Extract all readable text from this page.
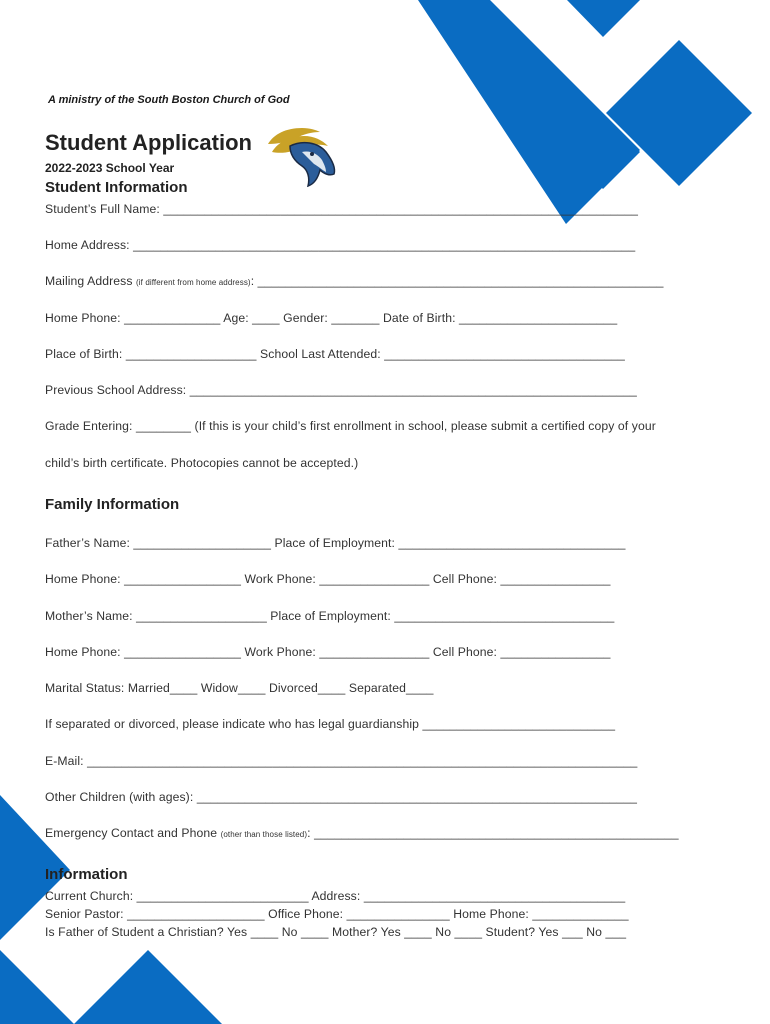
A ministry of the South Boston Church of God
Student Application
2022-2023 School Year
Student Information
Student’s Full Name: _____________________________________________________________________
Home Address: _________________________________________________________________________
Mailing Address (if different from home address): ___________________________________________________________
Home Phone: ______________ Age: ____ Gender: _______ Date of Birth: _______________________
Place of Birth: ___________________ School Last Attended: ___________________________________
Previous School Address: _________________________________________________________________
Grade Entering: ________ (If this is your child’s first enrollment in school, please submit a certified copy of your
child’s birth certificate. Photocopies cannot be accepted.)
Family Information
Father’s Name: ____________________ Place of Employment: _________________________________
Home Phone: _________________ Work Phone: ________________ Cell Phone: ________________
Mother’s Name: ___________________ Place of Employment: ________________________________
Home Phone: _________________ Work Phone: ________________ Cell Phone: ________________
Marital Status: Married____ Widow____ Divorced____ Separated____
If separated or divorced, please indicate who has legal guardianship ____________________________
E-Mail: ________________________________________________________________________________
Other Children (with ages): ________________________________________________________________
Emergency Contact and Phone (other than those listed): _____________________________________________________
Information
Current Church: _________________________ Address: ______________________________________
Senior Pastor: ____________________ Office Phone: _______________ Home Phone: ______________
Is Father of Student a Christian? Yes ____ No ____ Mother? Yes ____ No ____ Student? Yes ___ No ___
